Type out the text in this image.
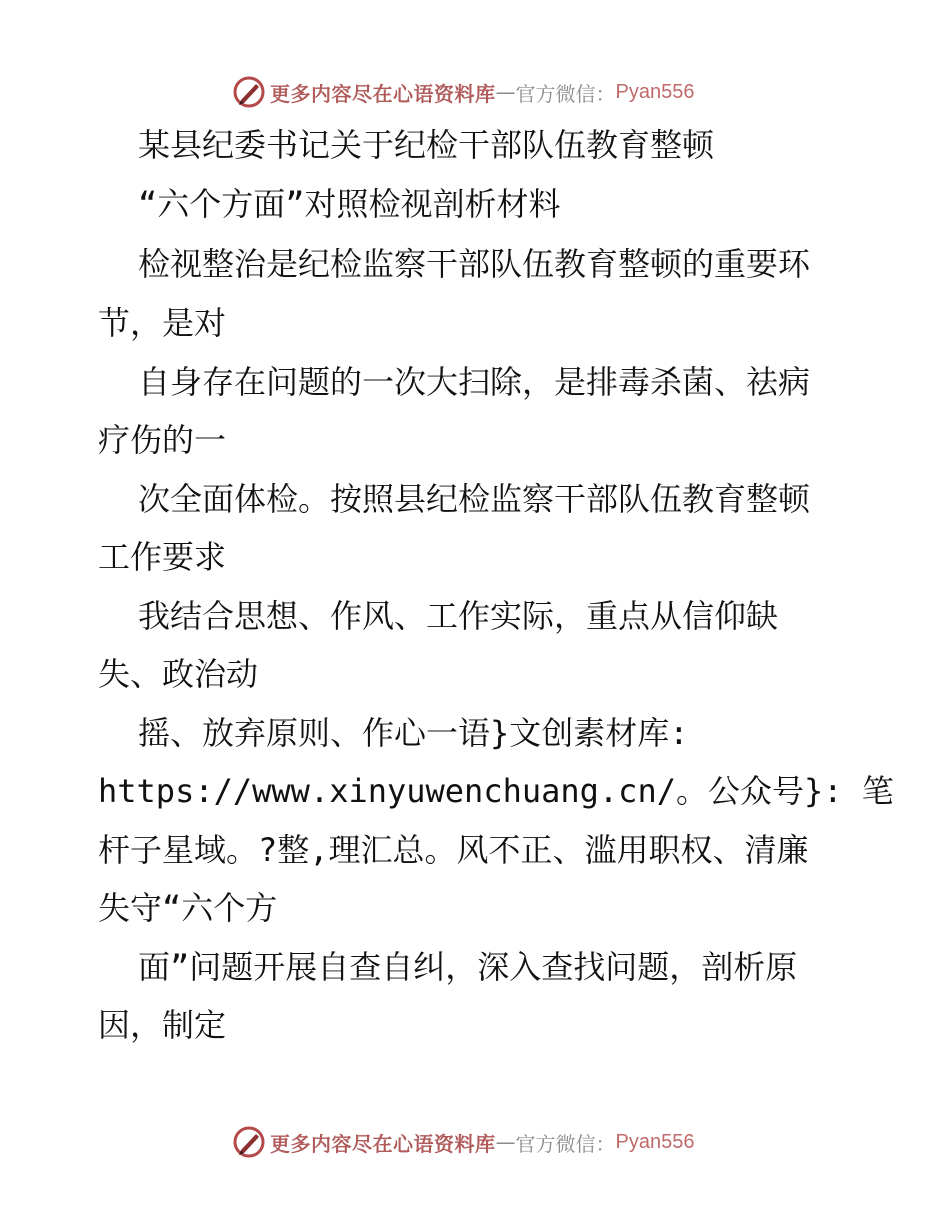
更多内容尽在心语资料库 — 官方微信： Pyan556
某县纪委书记关于纪检干部队伍教育整顿
“六个方面”对照检视剖析材料
检视整治是纪检监察干部队伍教育整顿的重要环
节，是对
自身存在问题的一次大扫除，是排毒杀菌、祛病
疗伤的一
次全面体检。按照县纪检监察干部队伍教育整顿
工作要求
我结合思想、作风、工作实际，重点从信仰缺
失、政治动
摇、放弃原则、作心一语}文创素材库:
https://www.xinyuwenchuang.cn/。公众号}: 笔
杆子星域。?整,理汇总。风不正、滥用职权、清廉
失守“六个方
面”问题开展自查自纠，深入查找问题，剖析原
因，制定
更多内容尽在心语资料库 — 官方微信： Pyan556
